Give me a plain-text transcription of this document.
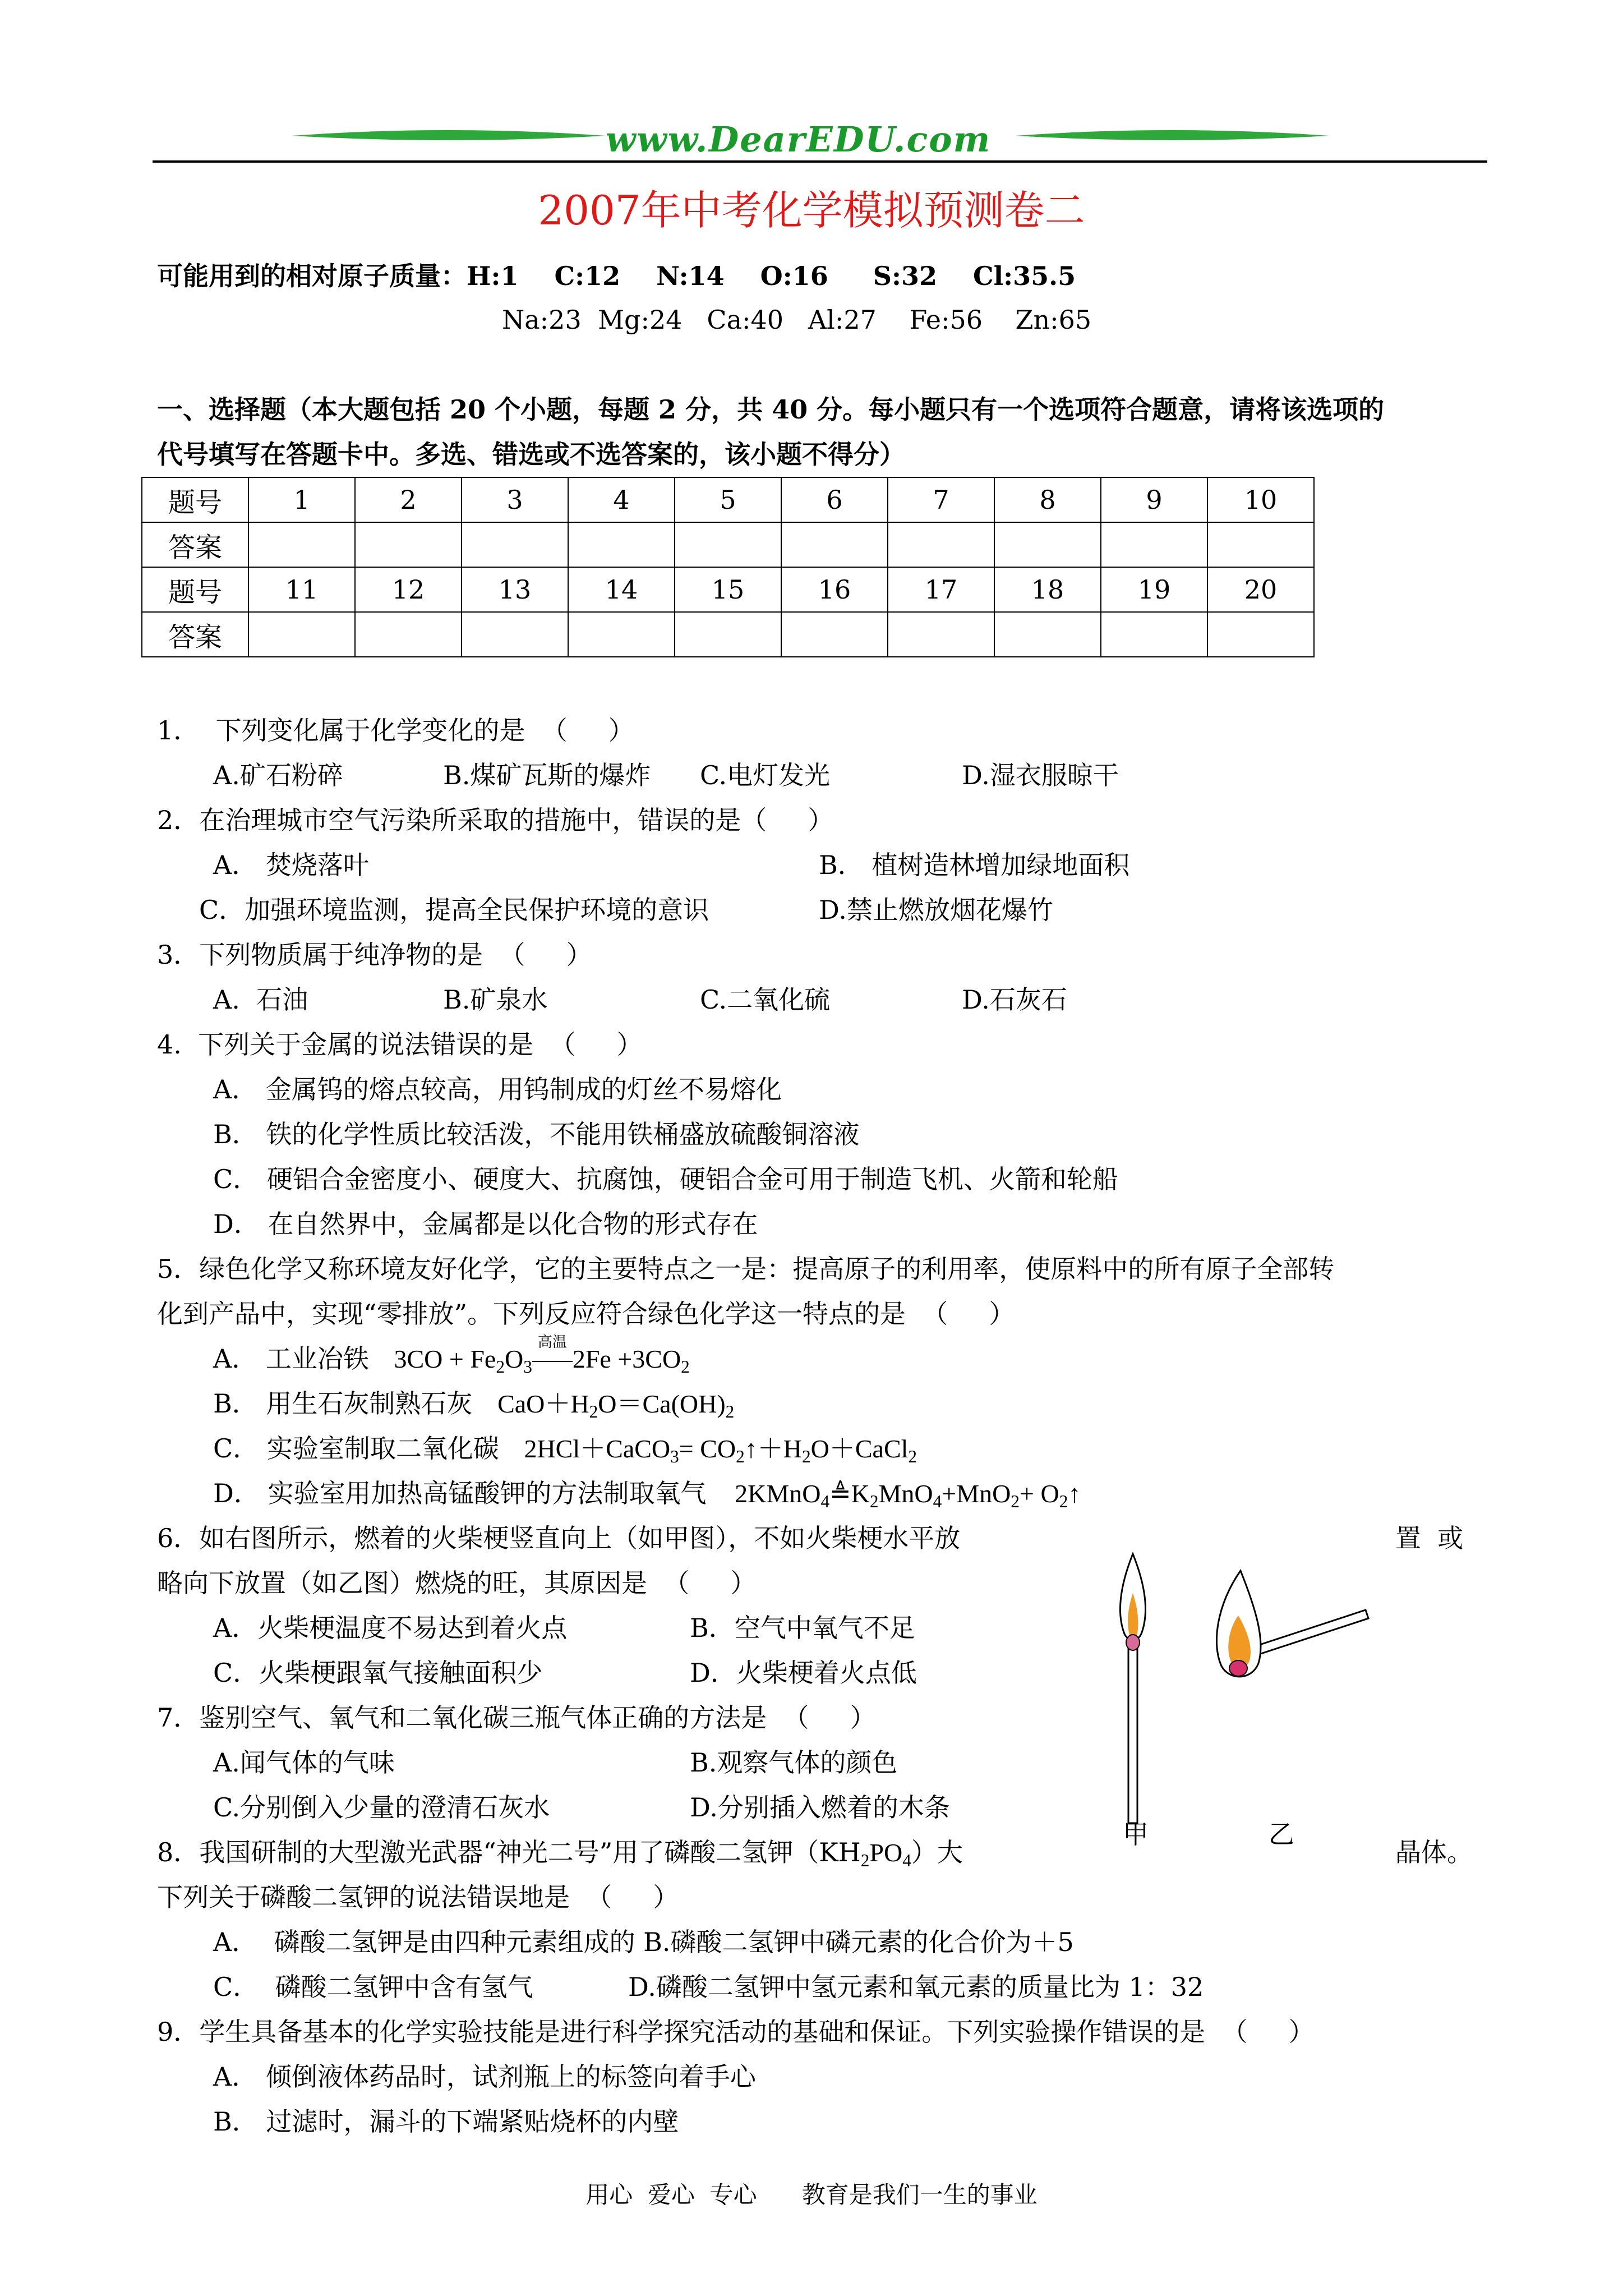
www.DearEDU.com
2007年中考化学模拟预测卷二
可能用到的相对原子质量：H:1    C:12    N:14    O:16     S:32    Cl:35.5
Na:23  Mg:24   Ca:40   Al:27    Fe:56    Zn:65
一、选择题（本大题包括 20 个小题，每题 2 分，共 40 分。每小题只有一个选项符合题意，请将该选项的
代号填写在答题卡中。多选、错选或不选答案的，该小题不得分）
题号	1	2	3	4	5	6	7	8	9	10
答案										
题号	11	12	13	14	15	16	17	18	19	20
答案										
1．  下列变化属于化学变化的是  （     ）
A.矿石粉碎	B.煤矿瓦斯的爆炸 C.电灯发光	D.湿衣服晾干
2．在治理城市空气污染所采取的措施中，错误的是（     ）
A． 焚烧落叶	B． 植树造林增加绿地面积
C．加强环境监测，提高全民保护环境的意识	D.禁止燃放烟花爆竹
3．下列物质属于纯净物的是  （     ）
A.  石油	B.矿泉水	C.二氧化硫	D.石灰石
4.  下列关于金属的说法错误的是  （     ）
A． 金属钨的熔点较高，用钨制成的灯丝不易熔化
B． 铁的化学性质比较活泼，不能用铁桶盛放硫酸铜溶液
C． 硬铝合金密度小、硬度大、抗腐蚀，硬铝合金可用于制造飞机、火箭和轮船
D． 在自然界中，金属都是以化合物的形式存在
5．绿色化学又称环境友好化学，它的主要特点之一是：提高原子的利用率，使原料中的所有原子全部转
化到产品中，实现“零排放”。下列反应符合绿色化学这一特点的是  （     ）
A． 工业冶铁 $3CO + Fe_2O_3$
高温
$2Fe +3CO_2$
B． 用生石灰制熟石灰 $CaO+H_2O=Ca(OH)_2$
C． 实验室制取二氧化碳 2HCl＋CaCO$_3$= $CO_2↑+H_2O+CaCl_2$
D． 实验室用加热高锰酸钾的方法制取氧气 $2KMnO_4≜K_2MnO_4+MnO_2+$ $O_2↑$
6．如右图所示，燃着的火柴梗竖直向上（如甲图），不如火柴梗水平放	置  或
略向下放置（如乙图）燃烧的旺，其原因是  （     ）
A．火柴梗温度不易达到着火点	B．空气中氧气不足
C．火柴梗跟氧气接触面积少	D．火柴梗着火点低
7．鉴别空气、氧气和二氧化碳三瓶气体正确的方法是  （     ）
A.闻气体的气味	B.观察气体的颜色
C.分别倒入少量的澄清石灰水	D.分别插入燃着的木条
甲	乙
8．我国研制的大型激光武器“神光二号”用了磷酸二氢钾$(KH_2PO_4)$大	晶体。
下列关于磷酸二氢钾的说法错误地是  （     ）
A．  磷酸二氢钾是由四种元素组成的 B.磷酸二氢钾中磷元素的化合价为＋5
C．  磷酸二氢钾中含有氢气	D.磷酸二氢钾中氢元素和氧元素的质量比为 1：32
9．学生具备基本的化学实验技能是进行科学探究活动的基础和保证。下列实验操作错误的是  （     ）
A． 倾倒液体药品时，试剂瓶上的标签向着手心
B． 过滤时，漏斗的下端紧贴烧杯的内壁
用心  爱心  专心      教育是我们一生的事业
